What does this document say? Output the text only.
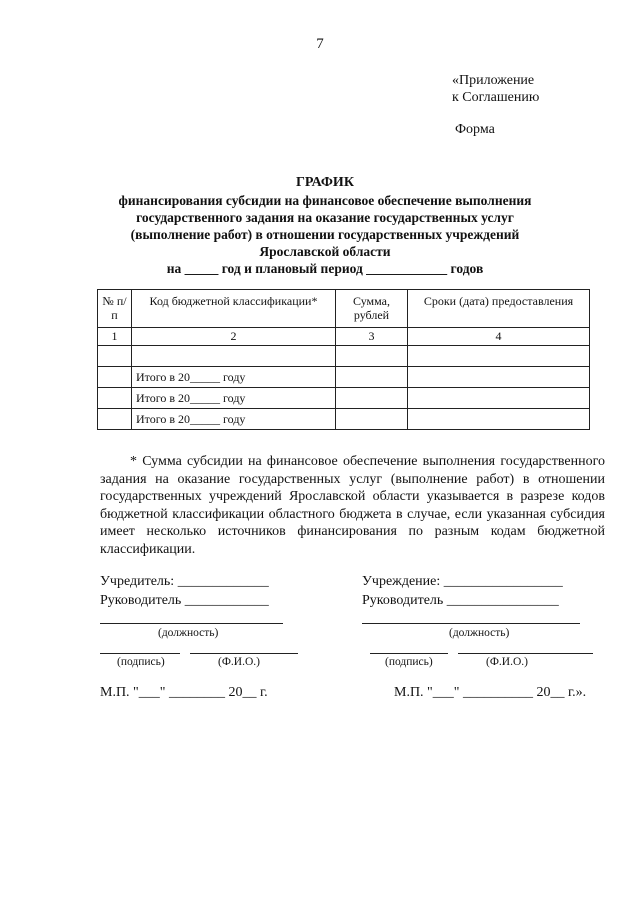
7
«Приложение
к Соглашению
Форма
ГРАФИК
финансирования субсидии на финансовое обеспечение выполнения
государственного задания на оказание государственных услуг
(выполнение работ) в отношении государственных учреждений
Ярославской области
на _____ год и плановый период ____________ годов
№ п/п	Код бюджетной классификации*	Сумма, рублей	Сроки (дата) предоставления
1	2	3	4

	Итого в 20_____ году		
	Итого в 20_____ году		
	Итого в 20_____ году		

* Сумма субсидии на финансовое обеспечение выполнения государственного задания на оказание государственных услуг (выполнение работ) в отношении государственных учреждений Ярославской области указывается в разрезе кодов бюджетной классификации областного бюджета в случае, если указанная субсидия имеет несколько источников финансирования по разным кодам бюджетной классификации.

Учредитель: _____________
Руководитель ____________
(должность)
(подпись)	(Ф.И.О.)
М.П. "___" ________ 20__ г.
Учреждение: _________________
Руководитель ________________
(должность)
(подпись)	(Ф.И.О.)
М.П. "___" __________ 20__ г.».
